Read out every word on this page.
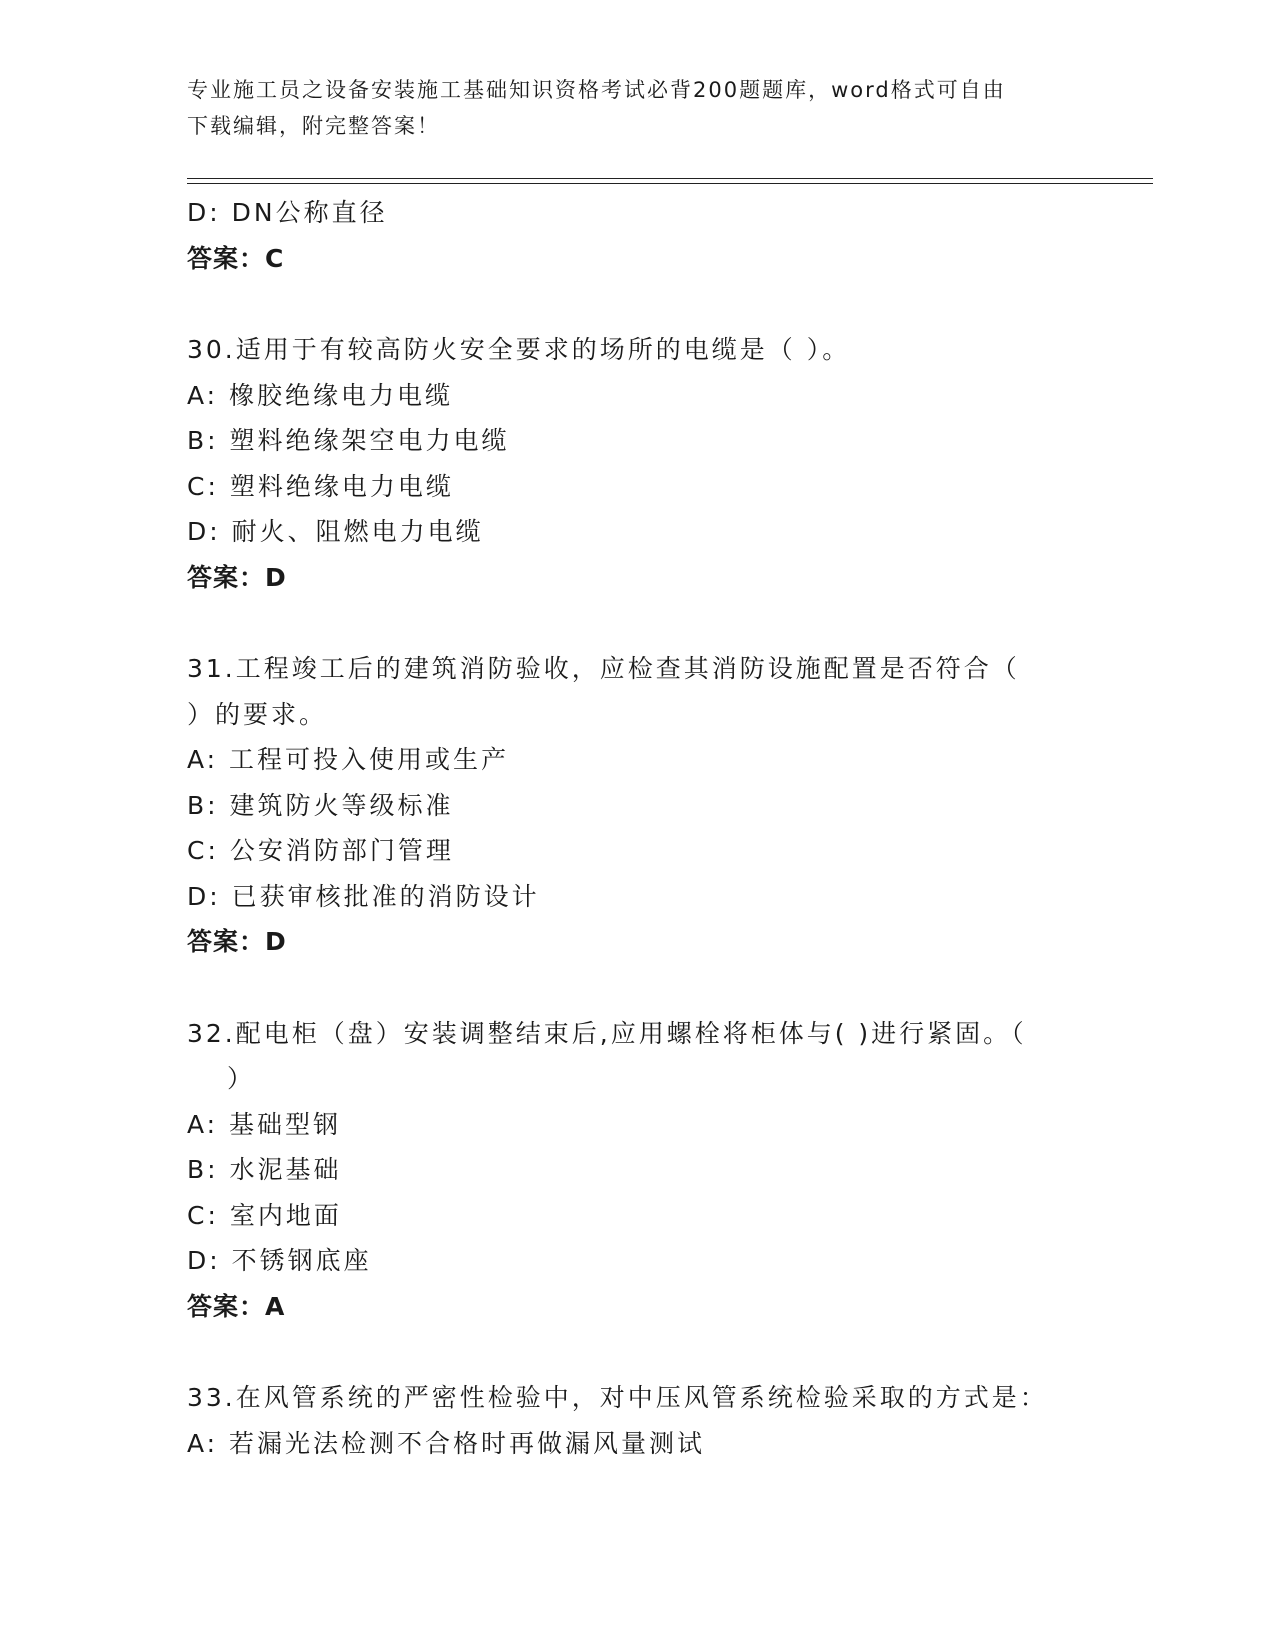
专业施工员之设备安装施工基础知识资格考试必背200题题库，word格式可自由
下载编辑，附完整答案！
D: DN公称直径
答案：C
30.适用于有较高防火安全要求的场所的电缆是（ ）。
A: 橡胶绝缘电力电缆
B: 塑料绝缘架空电力电缆
C: 塑料绝缘电力电缆
D: 耐火、阻燃电力电缆
答案：D
31.工程竣工后的建筑消防验收，应检查其消防设施配置是否符合（
）的要求。
A: 工程可投入使用或生产
B: 建筑防火等级标准
C: 公安消防部门管理
D: 已获审核批准的消防设计
答案：D
32.配电柜（盘）安装调整结束后,应用螺栓将柜体与( )进行紧固。（
）
A: 基础型钢
B: 水泥基础
C: 室内地面
D: 不锈钢底座
答案：A
33.在风管系统的严密性检验中，对中压风管系统检验采取的方式是：
A: 若漏光法检测不合格时再做漏风量测试
